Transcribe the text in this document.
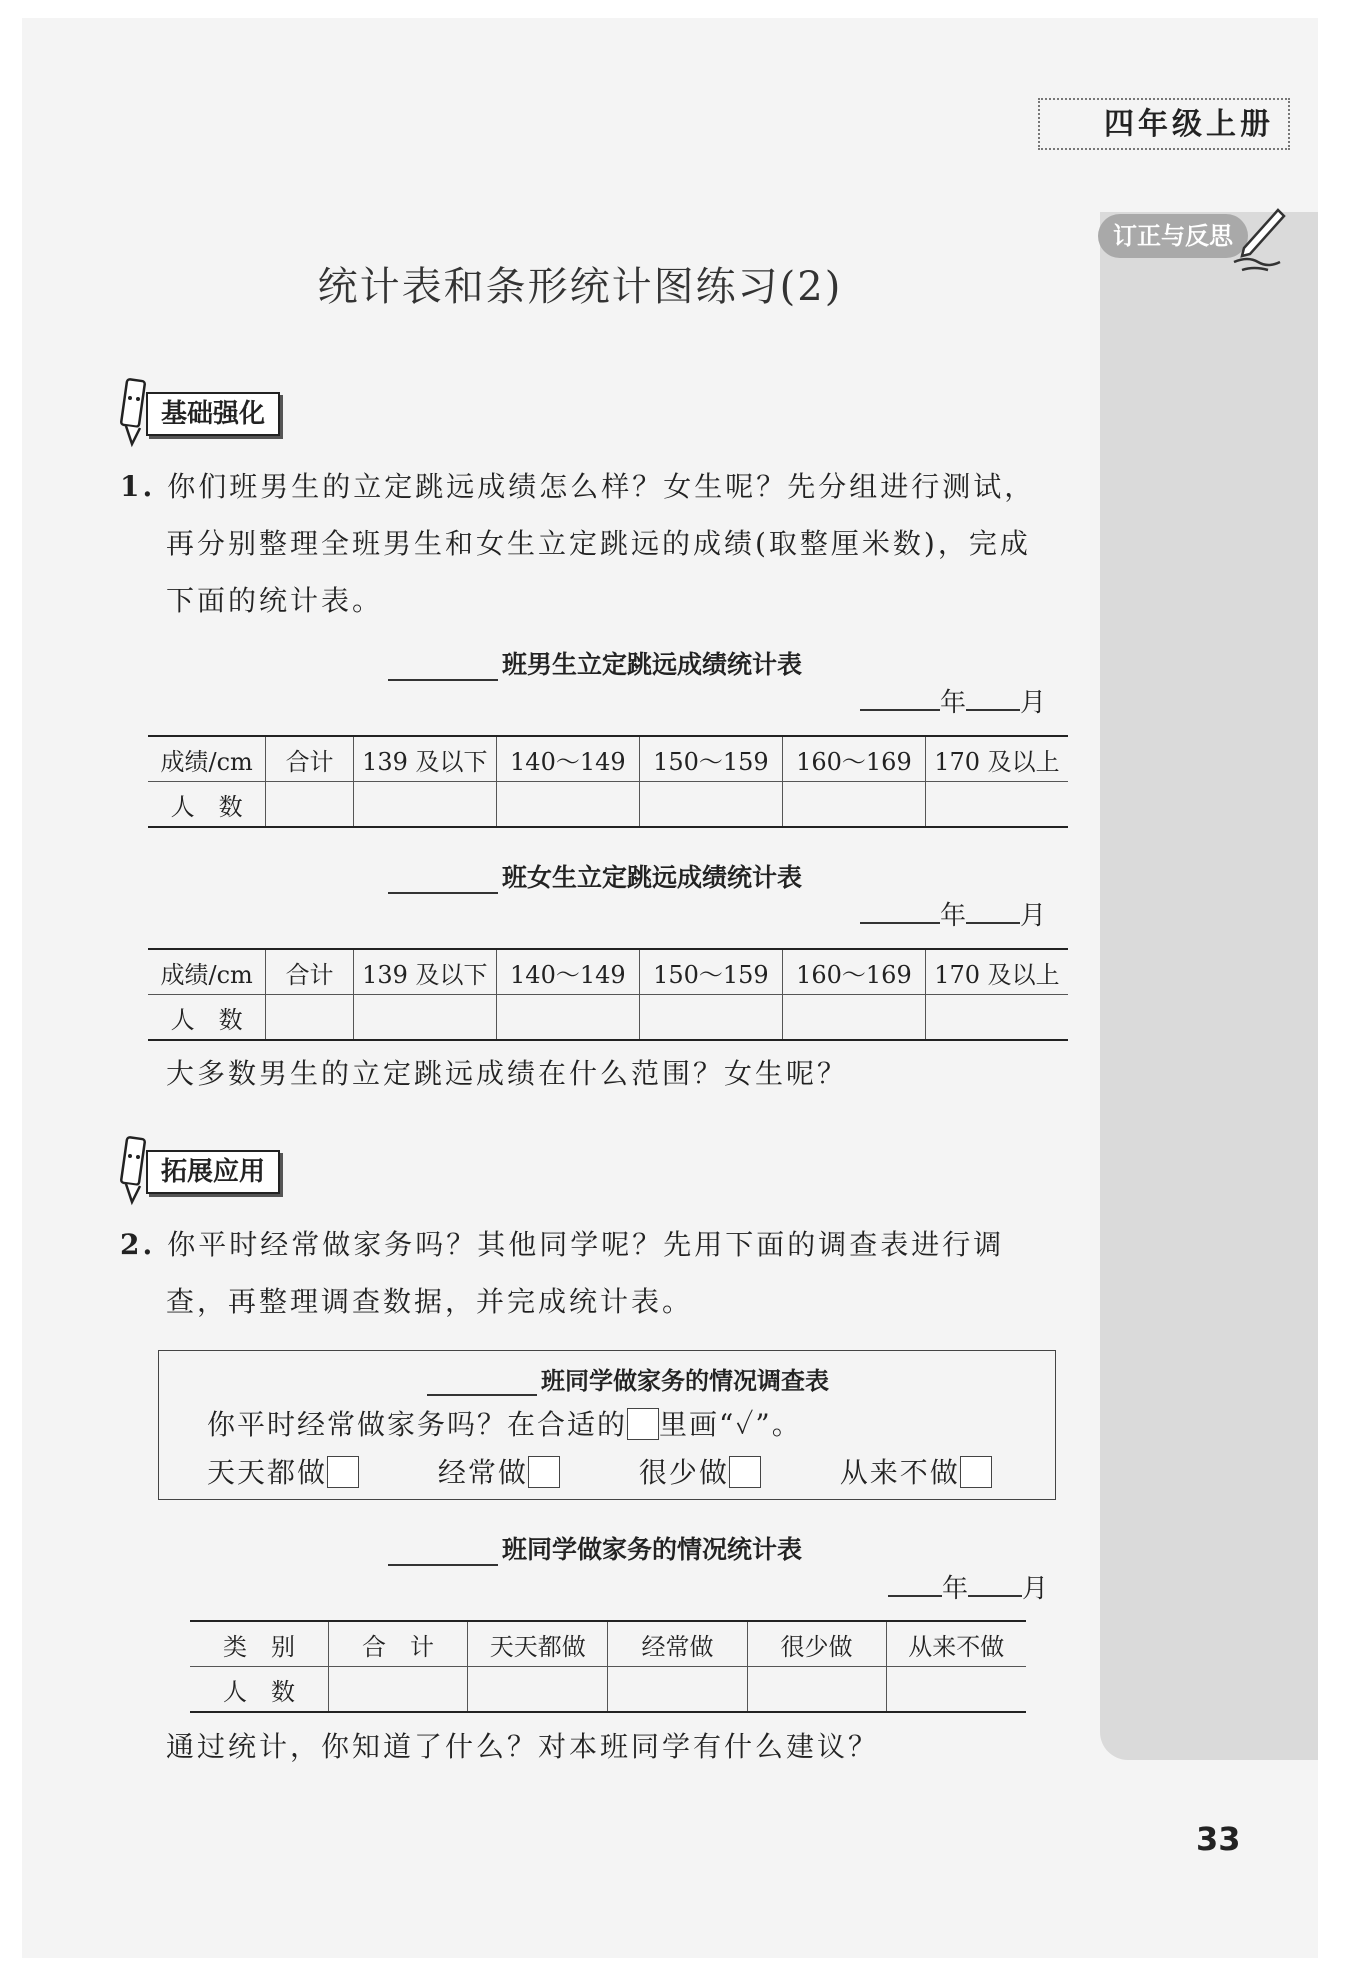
四年级上册
订正与反思
统计表和条形统计图练习(2)
基础强化
1. 你们班男生的立定跳远成绩怎么样？女生呢？先分组进行测试，
再分别整理全班男生和女生立定跳远的成绩(取整厘米数)，完成
下面的统计表。
班男生立定跳远成绩统计表
年 月
成绩/cm	合计	139 及以下	140～149	150～159	160～169	170 及以上
人　数						
班女生立定跳远成绩统计表
年 月
成绩/cm	合计	139 及以下	140～149	150～159	160～169	170 及以上
人　数						
大多数男生的立定跳远成绩在什么范围？女生呢？
拓展应用
2. 你平时经常做家务吗？其他同学呢？先用下面的调查表进行调
查，再整理调查数据，并完成统计表。
班同学做家务的情况调查表
你平时经常做家务吗？在合适的 里画“✓”。
天天都做	经常做	很少做	从来不做
班同学做家务的情况统计表
年 月
类　别	合　计	天天都做	经常做	很少做	从来不做
人　数					
通过统计，你知道了什么？对本班同学有什么建议？
33
